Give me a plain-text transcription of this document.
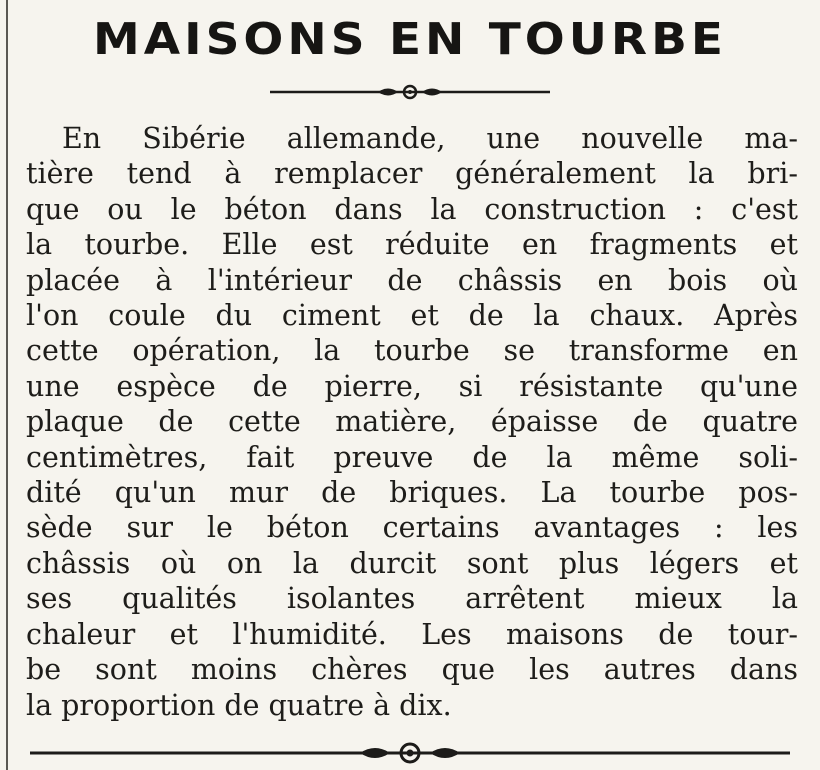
MAISONS EN TOURBE
En Sibérie allemande, une nouvelle ma-
tière tend à remplacer généralement la bri-
que ou le béton dans la construction : c'est
la tourbe. Elle est réduite en fragments et
placée à l'intérieur de châssis en bois où
l'on coule du ciment et de la chaux. Après
cette opération, la tourbe se transforme en
une espèce de pierre, si résistante qu'une
plaque de cette matière, épaisse de quatre
centimètres, fait preuve de la même soli-
dité qu'un mur de briques. La tourbe pos-
sède sur le béton certains avantages : les
châssis où on la durcit sont plus légers et
ses qualités isolantes arrêtent mieux la
chaleur et l'humidité. Les maisons de tour-
be sont moins chères que les autres dans
la proportion de quatre à dix.
